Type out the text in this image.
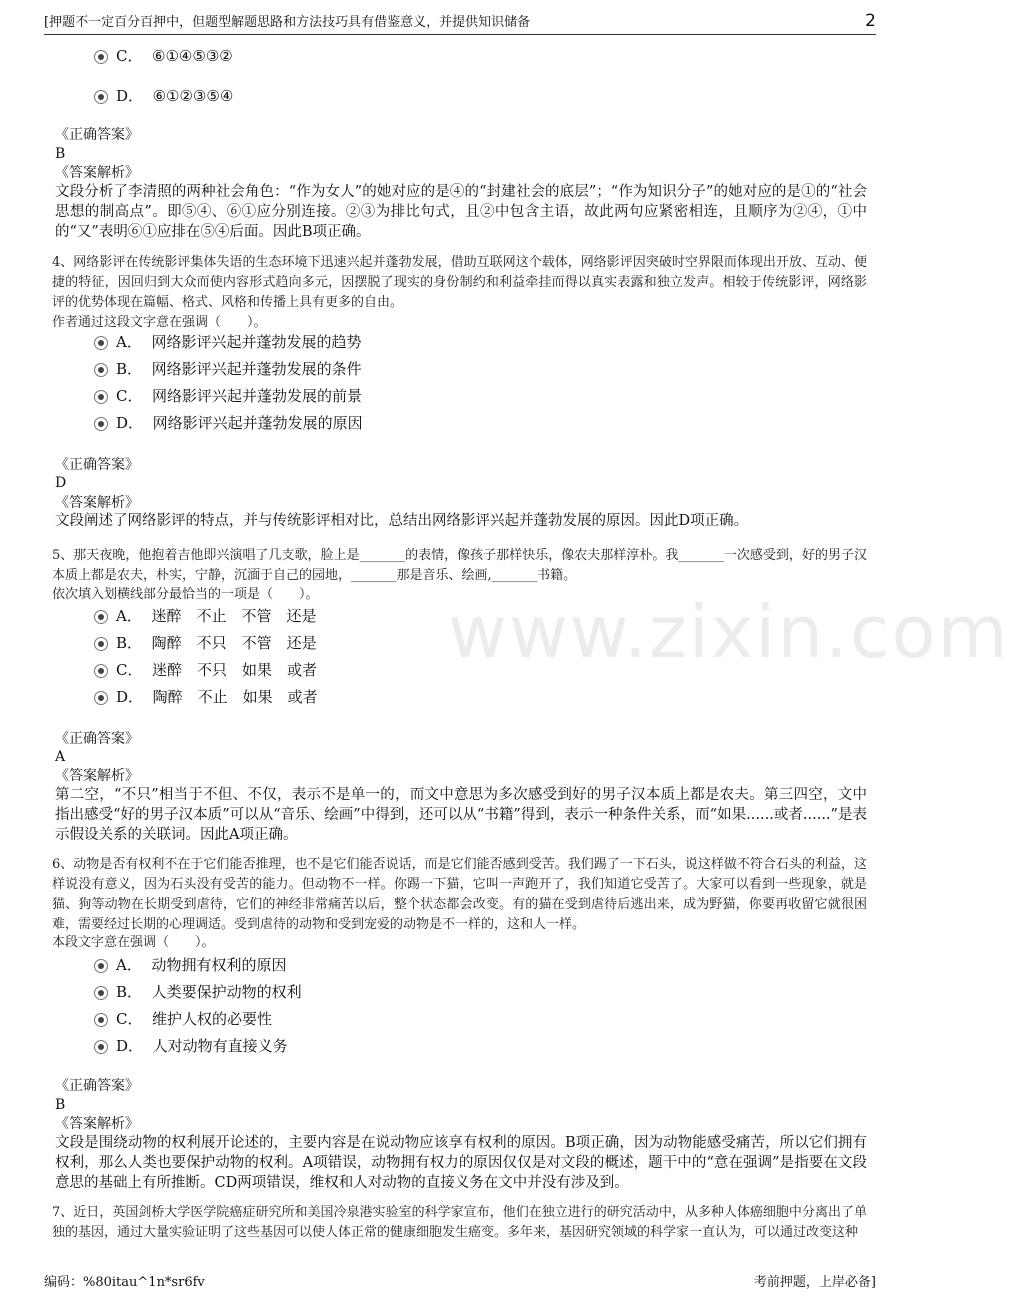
[押题不一定百分百押中，但题型解题思路和方法技巧具有借鉴意义，并提供知识储备	2
www.zixin.com
C． ⑥①④⑤③②
D． ⑥①②③⑤④
《正确答案》
B
《答案解析》
文段分析了李清照的两种社会角色：“作为女人”的她对应的是④的“封建社会的底层”；“作为知识分子”的她对应的是①的“社会思想的制高点”。即⑤④、⑥①应分别连接。②③为排比句式，且②中包含主语，故此两句应紧密相连，且顺序为②④，①中的“又”表明⑥①应排在⑤④后面。因此B项正确。
4、网络影评在传统影评集体失语的生态环境下迅速兴起并蓬勃发展，借助互联网这个载体，网络影评因突破时空界限而体现出开放、互动、便捷的特征，因回归到大众而使内容形式趋向多元，因摆脱了现实的身份制约和利益牵挂而得以真实表露和独立发声。相较于传统影评，网络影评的优势体现在篇幅、格式、风格和传播上具有更多的自由。
作者通过这段文字意在强调（　　）。
A． 网络影评兴起并蓬勃发展的趋势
B． 网络影评兴起并蓬勃发展的条件
C． 网络影评兴起并蓬勃发展的前景
D． 网络影评兴起并蓬勃发展的原因
《正确答案》
D
《答案解析》
文段阐述了网络影评的特点，并与传统影评相对比，总结出网络影评兴起并蓬勃发展的原因。因此D项正确。
5、那天夜晚，他抱着吉他即兴演唱了几支歌，脸上是_______的表情，像孩子那样快乐，像农夫那样淳朴。我_______一次感受到，好的男子汉本质上都是农夫，朴实，宁静，沉湎于自己的园地，_______那是音乐、绘画,_______书籍。
依次填入划横线部分最恰当的一项是（　　）。
A． 迷醉　不止　不管　还是
B． 陶醉　不只　不管　还是
C． 迷醉　不只　如果　或者
D． 陶醉　不止　如果　或者
《正确答案》
A
《答案解析》
第二空，“不只”相当于不但、不仅，表示不是单一的，而文中意思为多次感受到好的男子汉本质上都是农夫。第三四空，文中指出感受“好的男子汉本质”可以从“音乐、绘画”中得到，还可以从“书籍”得到，表示一种条件关系，而“如果......或者......”是表示假设关系的关联词。因此A项正确。
6、动物是否有权利不在于它们能否推理，也不是它们能否说话，而是它们能否感到受苦。我们踢了一下石头，说这样做不符合石头的利益，这样说没有意义，因为石头没有受苦的能力。但动物不一样。你踢一下猫，它叫一声跑开了，我们知道它受苦了。大家可以看到一些现象，就是猫、狗等动物在长期受到虐待，它们的神经非常痛苦以后，整个状态都会改变。有的猫在受到虐待后逃出来，成为野猫，你要再收留它就很困难，需要经过长期的心理调适。受到虐待的动物和受到宠爱的动物是不一样的，这和人一样。
本段文字意在强调（　　）。
A． 动物拥有权利的原因
B． 人类要保护动物的权利
C． 维护人权的必要性
D． 人对动物有直接义务
《正确答案》
B
《答案解析》
文段是围绕动物的权利展开论述的，主要内容是在说动物应该享有权利的原因。B项正确，因为动物能感受痛苦，所以它们拥有权利，那么人类也要保护动物的权利。A项错误，动物拥有权力的原因仅仅是对文段的概述，题干中的“意在强调”是指要在文段意思的基础上有所推断。CD两项错误，维权和人对动物的直接义务在文中并没有涉及到。
7、近日，英国剑桥大学医学院癌症研究所和美国冷泉港实验室的科学家宣布，他们在独立进行的研究活动中，从多种人体癌细胞中分离出了单独的基因，通过大量实验证明了这些基因可以使人体正常的健康细胞发生癌变。多年来，基因研究领域的科学家一直认为，可以通过改变这种
编码：%80itau^1n*sr6fv	考前押题，上岸必备]
